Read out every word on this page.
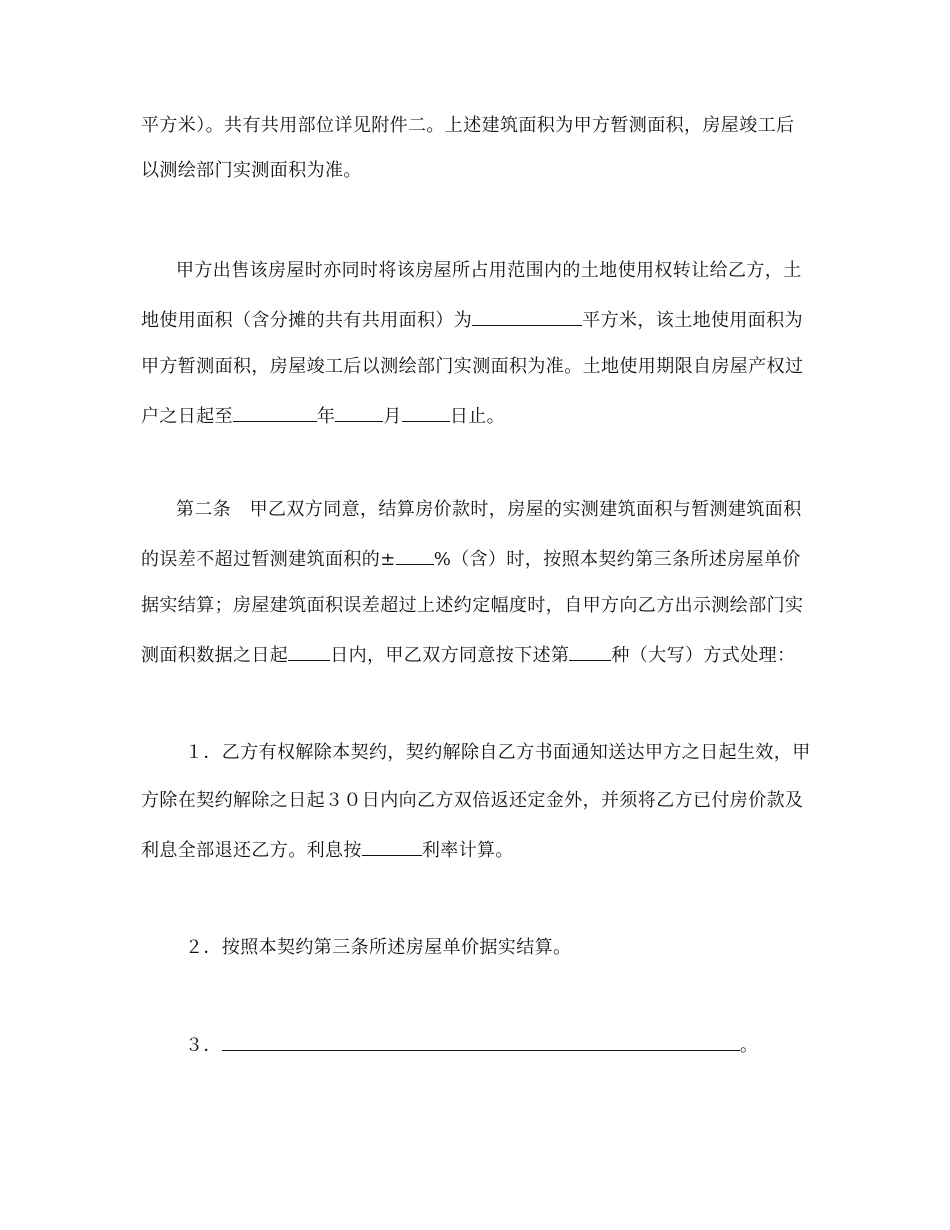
平方米）。共有共用部位详见附件二。上述建筑面积为甲方暂测面积，房屋竣工后
以测绘部门实测面积为准。
甲方出售该房屋时亦同时将该房屋所占用范围内的土地使用权转让给乙方，土
地使用面积（含分摊的共有共用面积）为	平方米，该土地使用面积为
甲方暂测面积，房屋竣工后以测绘部门实测面积为准。土地使用期限自房屋产权过
户之日起至	年	月	日止。
第二条　甲乙双方同意，结算房价款时，房屋的实测建筑面积与暂测建筑面积
的误差不超过暂测建筑面积的± %（含）时，按照本契约第三条所述房屋单价
据实结算；房屋建筑面积误差超过上述约定幅度时，自甲方向乙方出示测绘部门实
测面积数据之日起 日内，甲乙双方同意按下述第 种（大写）方式处理：
１．乙方有权解除本契约，契约解除自乙方书面通知送达甲方之日起生效，甲
方除在契约解除之日起３０日内向乙方双倍返还定金外，并须将乙方已付房价款及
利息全部退还乙方。利息按	利率计算。
２．按照本契约第三条所述房屋单价据实结算。
３．	。
